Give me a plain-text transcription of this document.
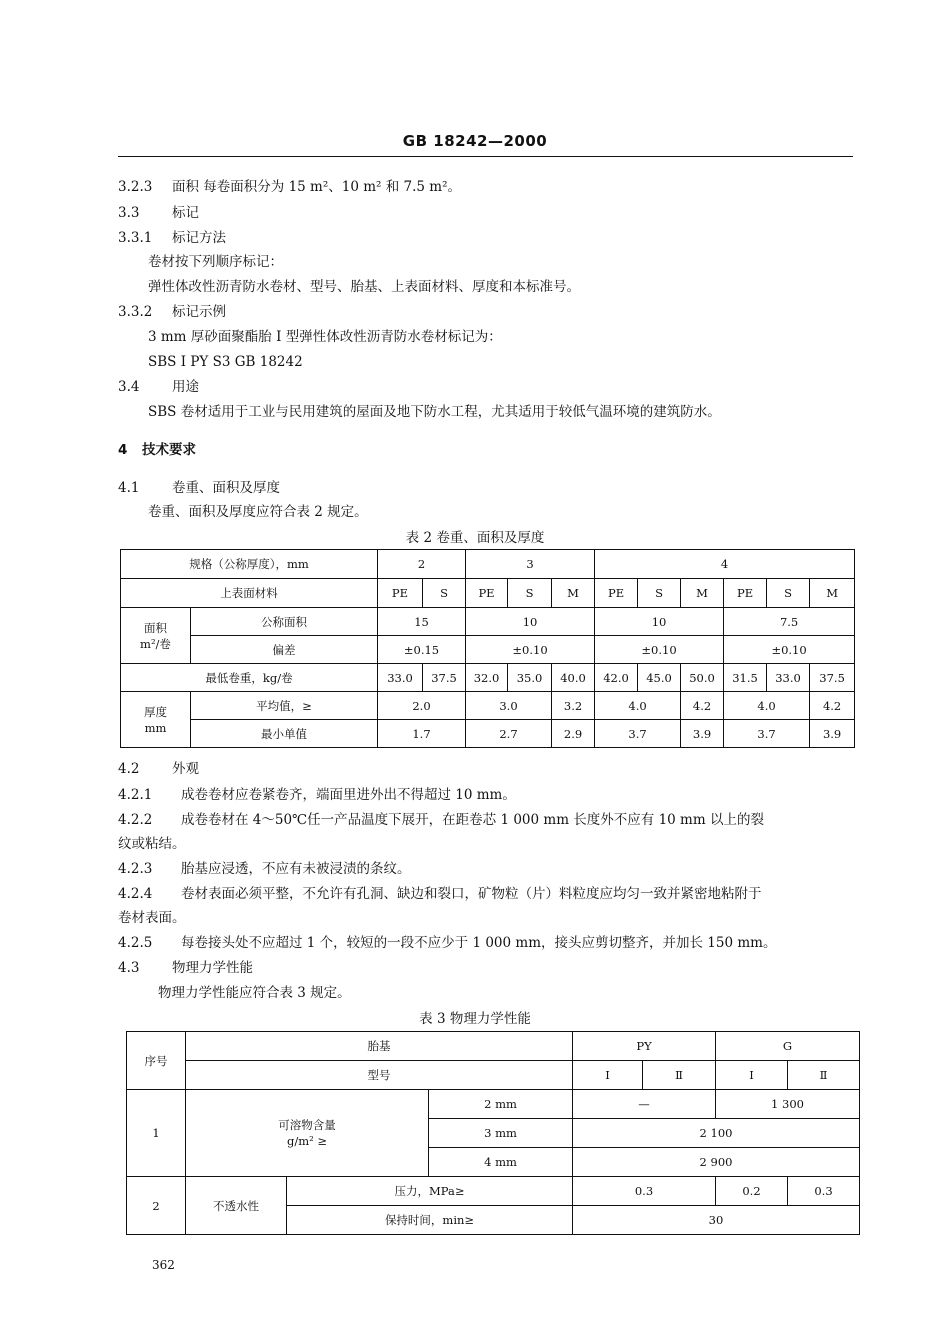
GB 18242—2000
3.2.3 面积 每卷面积分为 15 m²、10 m² 和 7.5 m²。
3.3 标记
3.3.1 标记方法
卷材按下列顺序标记：
弹性体改性沥青防水卷材、型号、胎基、上表面材料、厚度和本标准号。
3.3.2 标记示例
3 mm 厚砂面聚酯胎 I 型弹性体改性沥青防水卷材标记为：
SBS I PY S3 GB 18242
3.4 用途
SBS 卷材适用于工业与民用建筑的屋面及地下防水工程，尤其适用于较低气温环境的建筑防水。
4 技术要求
4.1 卷重、面积及厚度
卷重、面积及厚度应符合表 2 规定。
表 2 卷重、面积及厚度
规格（公称厚度），mm		2		3			4					
上表面材料		PE	S	PE	S	M	PE	S	M	PE	S	M
面积
m²/卷	公称面积	15		10			10			7.5		
	偏差	±0.15		±0.10			±0.10			±0.10		
最低卷重，kg/卷		33.0	37.5	32.0	35.0	40.0	42.0	45.0	50.0	31.5	33.0	37.5
厚度
mm	平均值，≥	2.0		3.0		3.2	4.0		4.2	4.0		4.2
	最小单值	1.7		2.7		2.9	3.7		3.9	3.7		3.9
4.2 外观
4.2.1 成卷卷材应卷紧卷齐，端面里进外出不得超过 10 mm。
4.2.2 成卷卷材在 4～50℃任一产品温度下展开，在距卷芯 1 000 mm 长度外不应有 10 mm 以上的裂
纹或粘结。
4.2.3 胎基应浸透，不应有未被浸渍的条纹。
4.2.4 卷材表面必须平整，不允许有孔洞、缺边和裂口，矿物粒（片）料粒度应均匀一致并紧密地粘附于
卷材表面。
4.2.5 每卷接头处不应超过 1 个，较短的一段不应少于 1 000 mm，接头应剪切整齐，并加长 150 mm。
4.3 物理力学性能
物理力学性能应符合表 3 规定。
表 3 物理力学性能
序号	胎基			PY		G	
	型号			Ⅰ	Ⅱ	Ⅰ	Ⅱ
1	可溶物含量
g/m² ≥		2 mm	—		1 300	
			3 mm	2 100			
			4 mm	2 900			
2	不透水性	压力，MPa≥		0.3		0.2	0.3
		保持时间，min≥		30			
362
